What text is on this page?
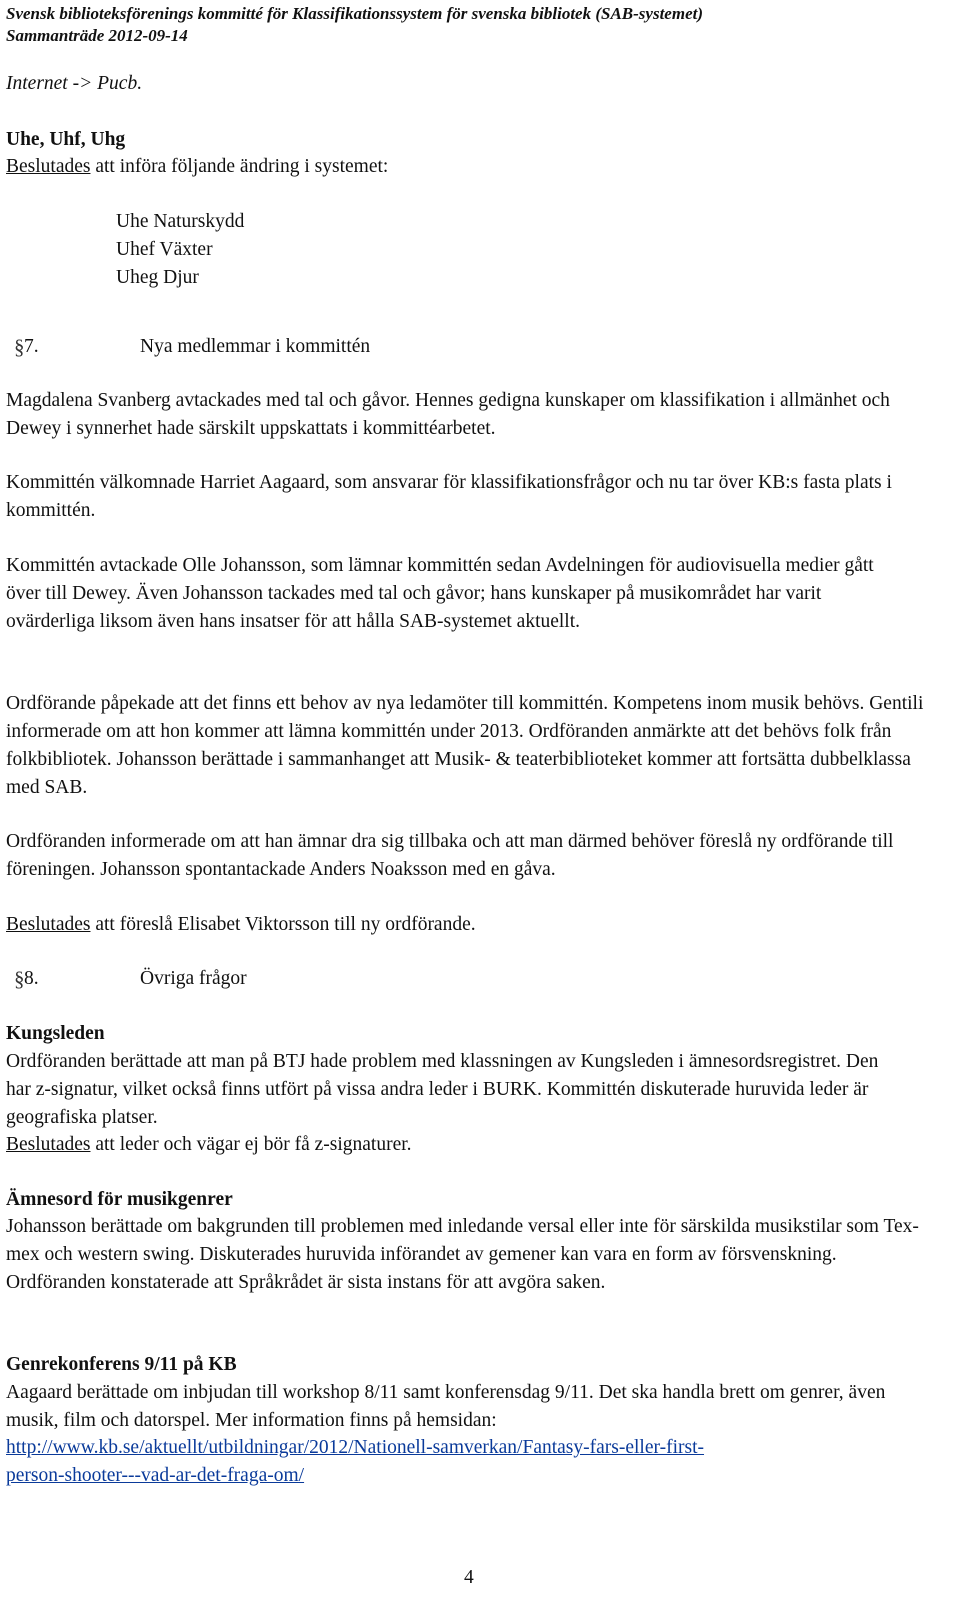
Svensk biblioteksförenings kommitté för Klassifikationssystem för svenska bibliotek (SAB-systemet)
Sammanträde 2012-09-14
Internet -> Pucb.
Uhe, Uhf, Uhg
Beslutades att införa följande ändring i systemet:
Uhe Naturskydd
Uhef Växter
Uheg Djur
§ 7.	Nya medlemmar i kommittén

Magdalena Svanberg avtackades med tal och gåvor. Hennes gedigna kunskaper om klassifikation i allmänhet och Dewey i synnerhet hade särskilt uppskattats i kommittéarbetet.

Kommittén välkomnade Harriet Aagaard, som ansvarar för klassifikationsfrågor och nu tar över KB:s fasta plats i kommittén.

Kommittén avtackade Olle Johansson, som lämnar kommittén sedan Avdelningen för audiovisuella medier gått över till Dewey. Även Johansson tackades med tal och gåvor; hans kunskaper på musikområdet har varit ovärderliga liksom även hans insatser för att hålla SAB-systemet aktuellt.

Ordförande påpekade att det finns ett behov av nya ledamöter till kommittén. Kompetens inom musik behövs. Gentili informerade om att hon kommer att lämna kommittén under 2013. Ordföranden anmärkte att det behövs folk från folkbibliotek. Johansson berättade i sammanhanget att Musik- & teaterbiblioteket kommer att fortsätta dubbelklassa med SAB.

Ordföranden informerade om att han ämnar dra sig tillbaka och att man därmed behöver föreslå ny ordförande till föreningen. Johansson spontantackade Anders Noaksson med en gåva.

Beslutades att föreslå Elisabet Viktorsson till ny ordförande.
§ 8.	Övriga frågor
Kungsleden

Ordföranden berättade att man på BTJ hade problem med klassningen av Kungsleden i ämnesordsregistret. Den har z-signatur, vilket också finns utfört på vissa andra leder i BURK. Kommittén diskuterade huruvida leder är geografiska platser.

Beslutades att leder och vägar ej bör få z-signaturer.
Ämnesord för musikgenrer

Johansson berättade om bakgrunden till problemen med inledande versal eller inte för särskilda musikstilar som Tex-mex och western swing. Diskuterades huruvida införandet av gemener kan vara en form av försvenskning. Ordföranden konstaterade att Språkrådet är sista instans för att avgöra saken.

Genrekonferens 9/11 på KB

Aagaard berättade om inbjudan till workshop 8/11 samt konferensdag 9/11. Det ska handla brett om genrer, även musik, film och datorspel. Mer information finns på hemsidan:

http://www.kb.se/aktuellt/utbildningar/2012/Nationell-samverkan/Fantasy-fars-eller-first-
person-shooter---vad-ar-det-fraga-om/
4
